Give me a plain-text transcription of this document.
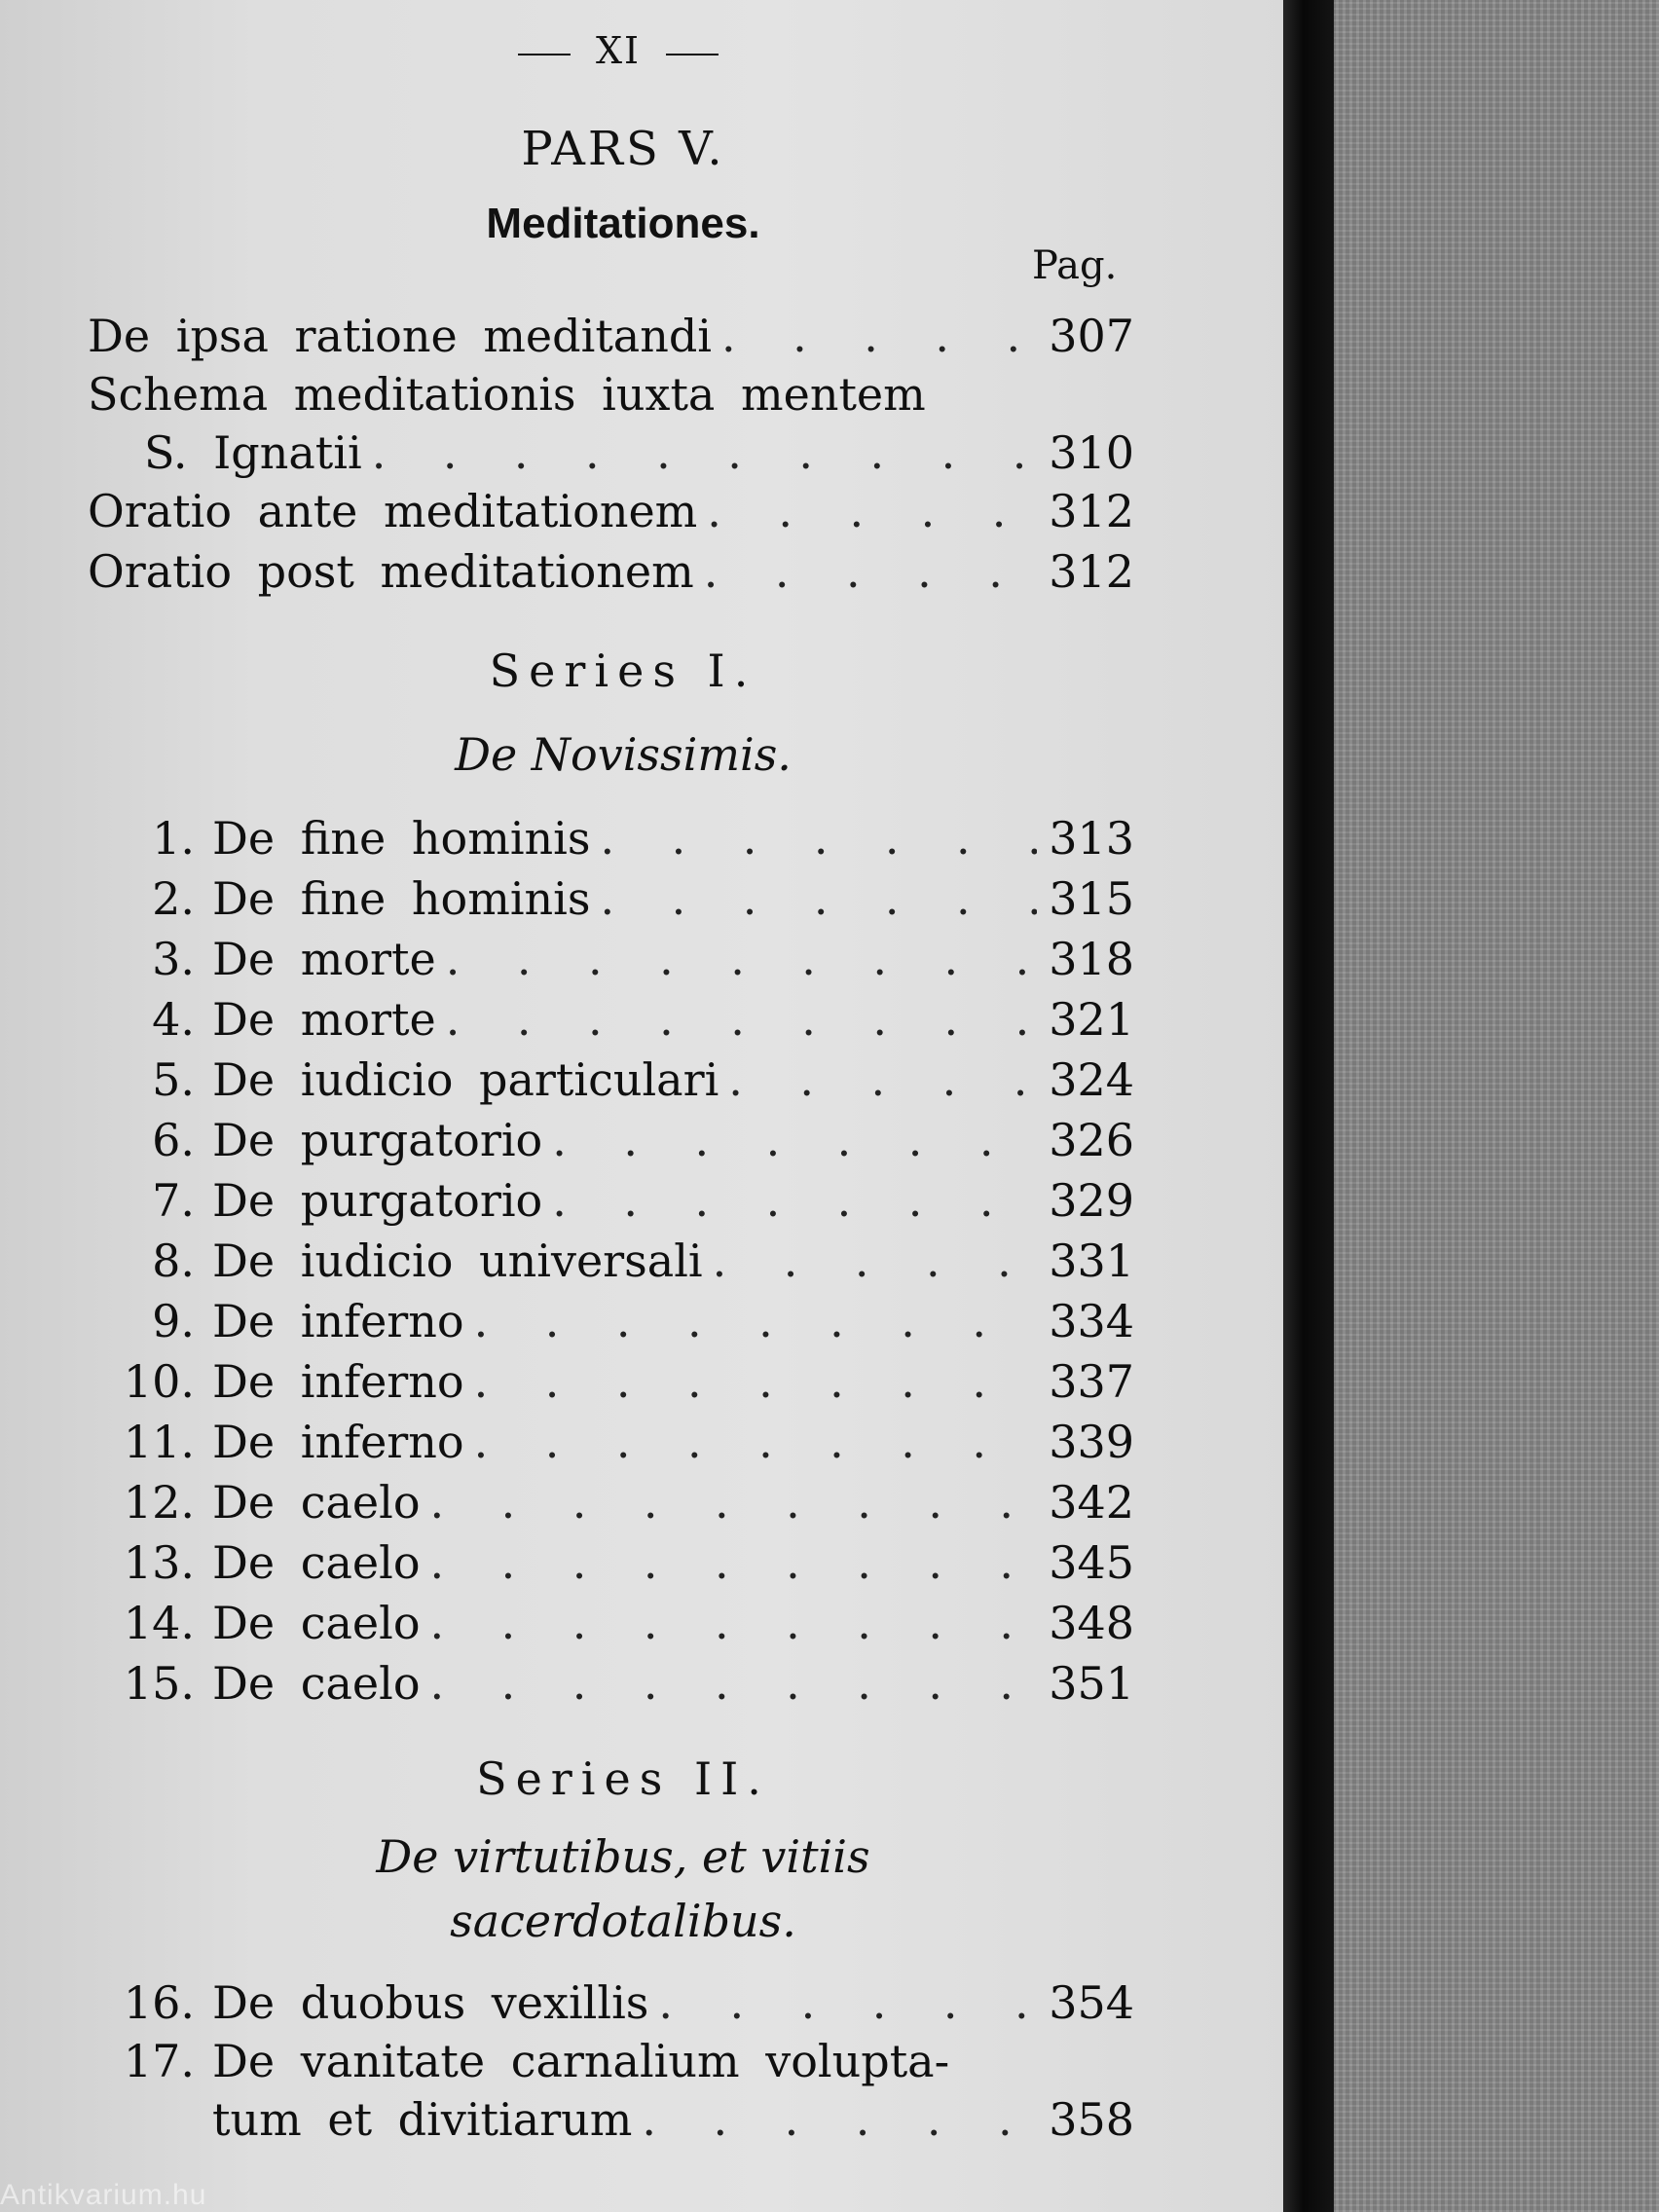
XI
PARS V.
Meditationes.
Pag.
De ipsa ratione meditandi .	307
Schema meditationis iuxta mentem
S. Ignatii .	310
Oratio ante meditationem .	312
Oratio post meditationem .	312
Series I.
De Novissimis.
1. De fine hominis .	313
2. De fine hominis .	315
3. De morte .	318
4. De morte .	321
5. De iudicio particulari .	324
6. De purgatorio .	326
7. De purgatorio .	329
8. De iudicio universali .	331
9. De inferno .	334
10. De inferno .	337
11. De inferno .	339
12. De caelo .	342
13. De caelo .	345
14. De caelo .	348
15. De caelo .	351
Series II.
De virtutibus, et vitiis
sacerdotalibus.
16. De duobus vexillis .	354
17. De vanitate carnalium volupta-
tum et divitiarum .	358
Antikvarium.hu
